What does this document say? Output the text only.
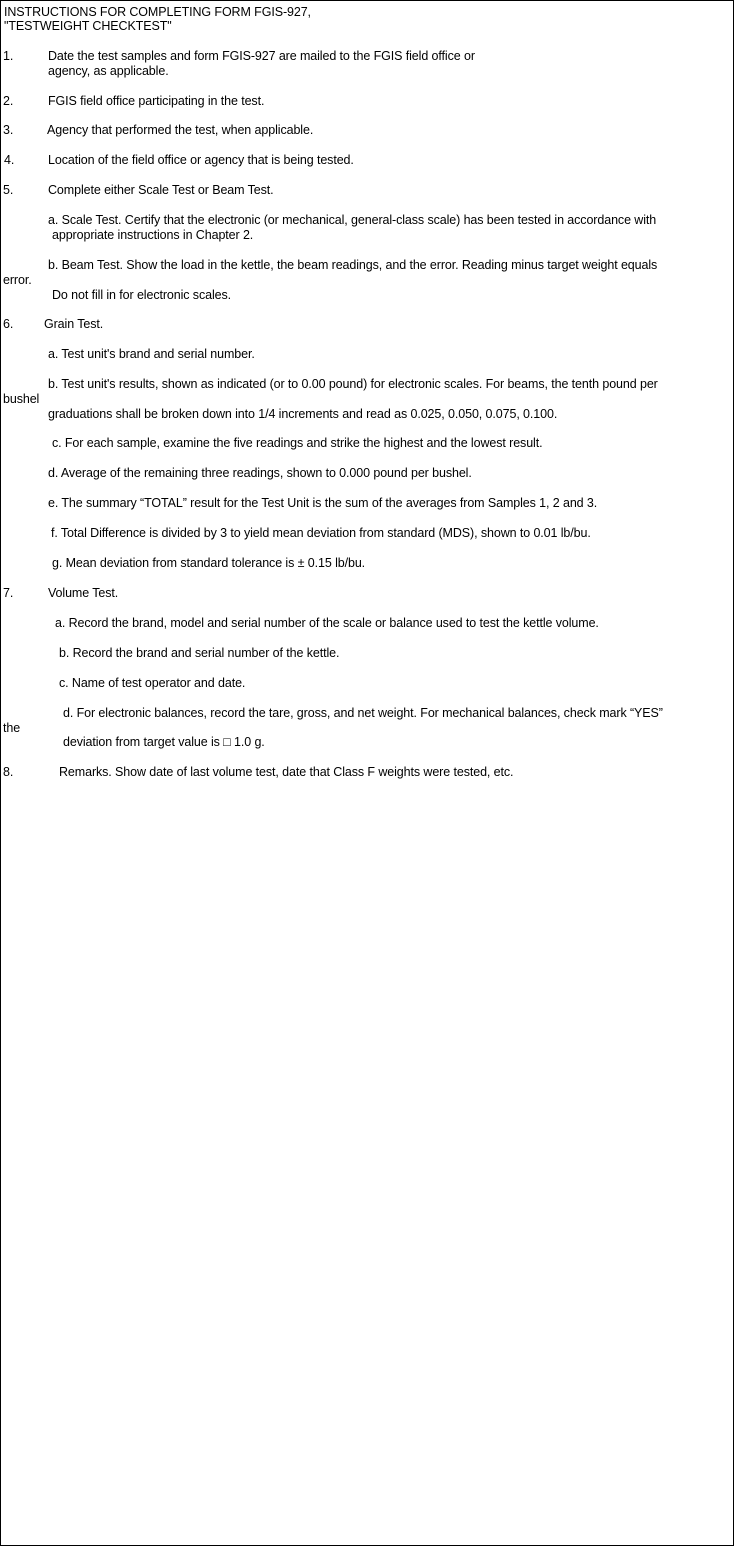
INSTRUCTIONS FOR COMPLETING FORM FGIS-927,
"TESTWEIGHT CHECKTEST"
1.	Date the test samples and form FGIS-927 are mailed to the FGIS field office or
agency, as applicable.
2.	FGIS field office participating in the test.
3.	Agency that performed the test, when applicable.
4.	Location of the field office or agency that is being tested.
5.	Complete either Scale Test or Beam Test.
a. Scale Test. Certify that the electronic (or mechanical, general-class scale) has been tested in accordance with
appropriate instructions in Chapter 2.
b. Beam Test. Show the load in the kettle, the beam readings, and the error. Reading minus target weight equals
error.
Do not fill in for electronic scales.
6. Grain Test.
a. Test unit's brand and serial number.
b. Test unit's results, shown as indicated (or to 0.00 pound) for electronic scales. For beams, the tenth pound per
bushel
graduations shall be broken down into 1/4 increments and read as 0.025, 0.050, 0.075, 0.100.
c. For each sample, examine the five readings and strike the highest and the lowest result.
d. Average of the remaining three readings, shown to 0.000 pound per bushel.
e. The summary “TOTAL” result for the Test Unit is the sum of the averages from Samples 1, 2 and 3.
f. Total Difference is divided by 3 to yield mean deviation from standard (MDS), shown to 0.01 lb/bu.
g. Mean deviation from standard tolerance is ± 0.15 lb/bu.
7.	Volume Test.
a. Record the brand, model and serial number of the scale or balance used to test the kettle volume.
b. Record the brand and serial number of the kettle.
c. Name of test operator and date.
d. For electronic balances, record the tare, gross, and net weight. For mechanical balances, check mark “YES”
the
deviation from target value is □ 1.0 g.
8.	Remarks. Show date of last volume test, date that Class F weights were tested, etc.
